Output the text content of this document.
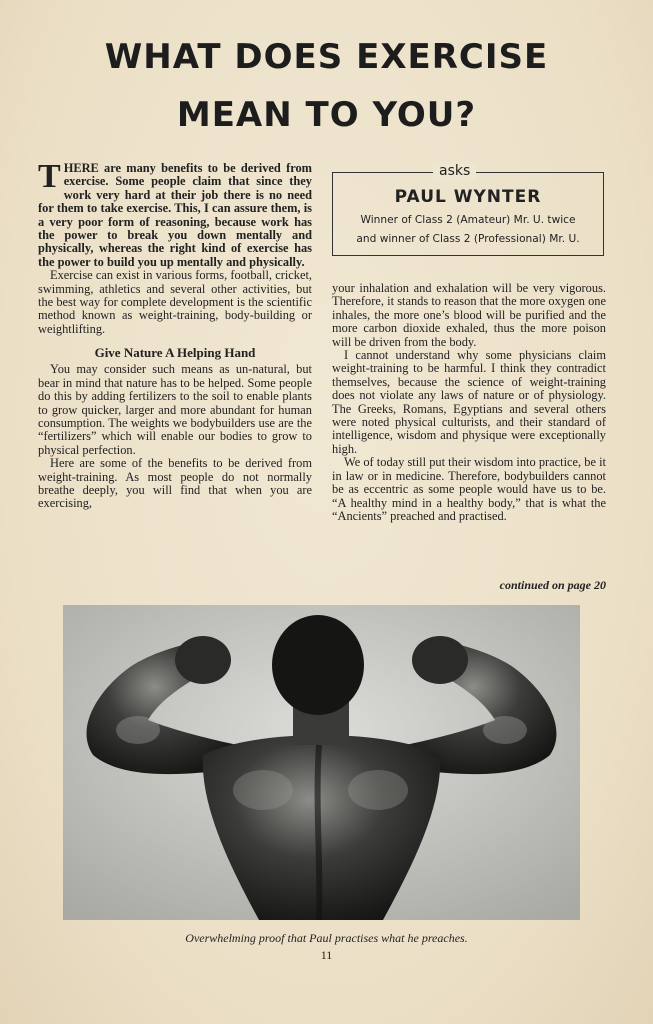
WHAT DOES EXERCISE
MEAN TO YOU?

THERE are many benefits to be derived from exercise. Some people claim that since they work very hard at their job there is no need for them to take exercise. This, I can assure them, is a very poor form of reasoning, because work has the power to break you down mentally and physically, whereas the right kind of exercise has the power to build you up mentally and physically.

Exercise can exist in various forms, football, cricket, swimming, athletics and several other activities, but the best way for complete development is the scientific method known as weight-training, body-building or weightlifting.

Give Nature A Helping Hand

You may consider such means as un-natural, but bear in mind that nature has to be helped. Some people do this by adding fertilizers to the soil to enable plants to grow quicker, larger and more abundant for human consumption. The weights we bodybuilders use are the “fertilizers” which will enable our bodies to grow to physical perfection.

Here are some of the benefits to be derived from weight-training. As most people do not normally breathe deeply, you will find that when you are exercising,

asks
PAUL WYNTER
Winner of Class 2 (Amateur) Mr. U. twice
and winner of Class 2 (Professional) Mr. U.

your inhalation and exhalation will be very vigorous. Therefore, it stands to reason that the more oxygen one inhales, the more one’s blood will be purified and the more carbon dioxide exhaled, thus the more poison will be driven from the body.

I cannot understand why some physicians claim weight-training to be harmful. I think they contradict themselves, because the science of weight-training does not violate any laws of nature or of physiology. The Greeks, Romans, Egyptians and several others were noted physical culturists, and their standard of intelligence, wisdom and physique were exceptionally high.

We of today still put their wisdom into practice, be it in law or in medicine. Therefore, bodybuilders cannot be as eccentric as some people would have us to be. “A healthy mind in a healthy body,” that is what the “Ancients” preached and practised.

continued on page 20
Overwhelming proof that Paul practises what he preaches.
11
